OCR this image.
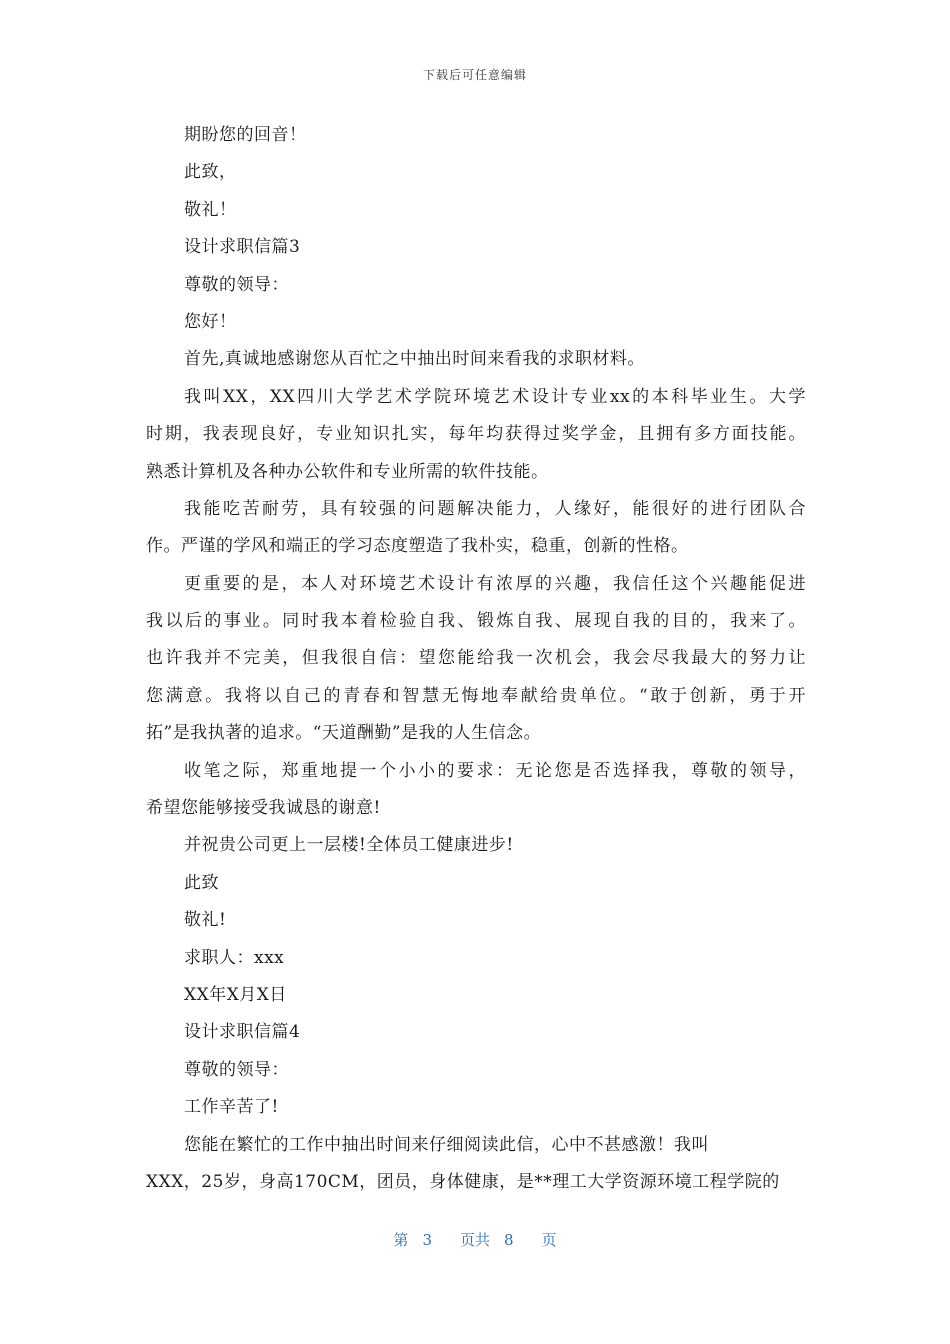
下载后可任意编辑
期盼您的回音！
此致，
敬礼！
设计求职信篇3
尊敬的领导：
您好！
首先,真诚地感谢您从百忙之中抽出时间来看我的求职材料。
我叫XX，XX四川大学艺术学院环境艺术设计专业xx的本科毕业生。大学
时期，我表现良好，专业知识扎实，每年均获得过奖学金，且拥有多方面技能。
熟悉计算机及各种办公软件和专业所需的软件技能。
我能吃苦耐劳，具有较强的问题解决能力，人缘好，能很好的进行团队合
作。严谨的学风和端正的学习态度塑造了我朴实，稳重，创新的性格。
更重要的是，本人对环境艺术设计有浓厚的兴趣，我信任这个兴趣能促进
我以后的事业。同时我本着检验自我、锻炼自我、展现自我的目的，我来了。
也许我并不完美，但我很自信：望您能给我一次机会，我会尽我最大的努力让
您满意。我将以自己的青春和智慧无悔地奉献给贵单位。“敢于创新，勇于开
拓”是我执著的追求。“天道酬勤”是我的人生信念。
收笔之际，郑重地提一个小小的要求：无论您是否选择我，尊敬的领导，
希望您能够接受我诚恳的谢意!
并祝贵公司更上一层楼!全体员工健康进步!
此致
敬礼!
求职人：xxx
XX年X月X日
设计求职信篇4
尊敬的领导：
工作辛苦了!
您能在繁忙的工作中抽出时间来仔细阅读此信，心中不甚感激！我叫
XXX，25岁，身高170CM，团员，身体健康，是**理工大学资源环境工程学院的
第 3 页共 8 页
